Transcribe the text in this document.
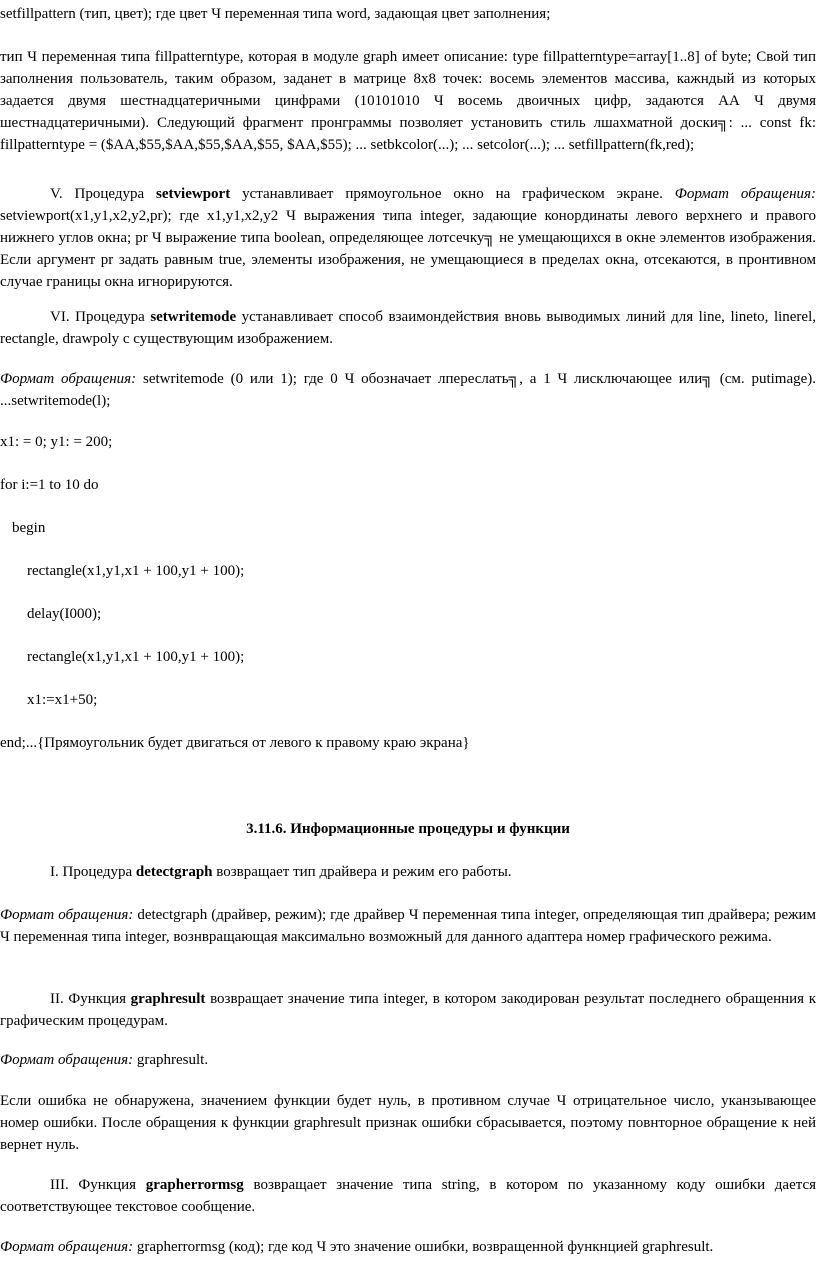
setfillpattern (тип, цвет); где цвет Ч переменная типа word, задающая цвет заполнения;

тип Ч переменная типа fillpatterntype, которая в модуле graph имеет описание: type fillpatterntype=array[1..8] of byte; Свой тип заполнения пользователь, таким образом, заданет в матрице 8x8 точек: восемь элементов массива, кажндый из которых задается двумя шестнадцатеричными цинфрами (10101010 Ч восемь двоичных цифр, задаются АА Ч двумя шестнадцатеричными). Следующий фрагмент пронграммы позволяет установить стиль лшахматной доски╗: ... const fk: fillpatterntype = ($AA,$55,$AA,$55,$AA,$55, $AA,$55); ... setbkcolor(...); ... setcolor(...); ... setfillpattern(fk,red);

V. Процедура setviewport устанавливает прямоугольное окно на графическом экране. Формат обращения: setviewport(x1,y1,x2,y2,pr); где x1,y1,x2,y2 Ч выражения типа integer, задающие конординаты левого верхнего и правого нижнего углов окна; pr Ч выражение типа boolean, определяющее лотсечку╗ не умещающихся в окне элементов изображения. Если аргумент pr задать равным true, элементы изображения, не умещающиеся в пределах окна, отсекаются, в пронтивном случае границы окна игнорируются.

VI. Процедура setwritemode устанавливает способ взаимондействия вновь выводимых линий для line, lineto, linerel, rectangle, drawpoly с существующим изображением.

Формат обращения: setwritemode (0 или 1); где 0 Ч обозначает лпереслать╗, а 1 Ч лисключающее или╗ (см. putimage). ...setwritemode(l);

x1: = 0; y1: = 200;

for i:=1 to 10 do

begin

rectangle(x1,y1,x1 + 100,y1 + 100);

delay(I000);

rectangle(x1,y1,x1 + 100,y1 + 100);

x1:=x1+50;

end;...{Прямоугольник будет двигаться от левого к правому краю экрана}

3.11.6. Информационные процедуры и функции

I. Процедура detectgraph возвращает тип драйвера и режим его работы.

Формат обращения: detectgraph (драйвер, режим); где драйвер Ч переменная типа integer, определяющая тип драйвера; режим Ч переменная типа integer, вознвращающая максимально возможный для данного адаптера номер графического режима.

II. Функция graphresult возвращает значение типа integer, в котором закодирован результат последнего обращенния к графическим процедурам.

Формат обращения: graphresult.

Если ошибка не обнаружена, значением функции будет нуль, в противном случае Ч отрицательное число, уканзывающее номер ошибки. После обращения к функции graphresult признак ошибки сбрасывается, поэтому повнторное обращение к ней вернет нуль.

III. Функция grapherrormsg возвращает значение типа string, в котором по указанному коду ошибки дается соответствующее текстовое сообщение.

Формат обращения: grapherrormsg (код); где код Ч это значение ошибки, возвращенной функнцией graphresult.
